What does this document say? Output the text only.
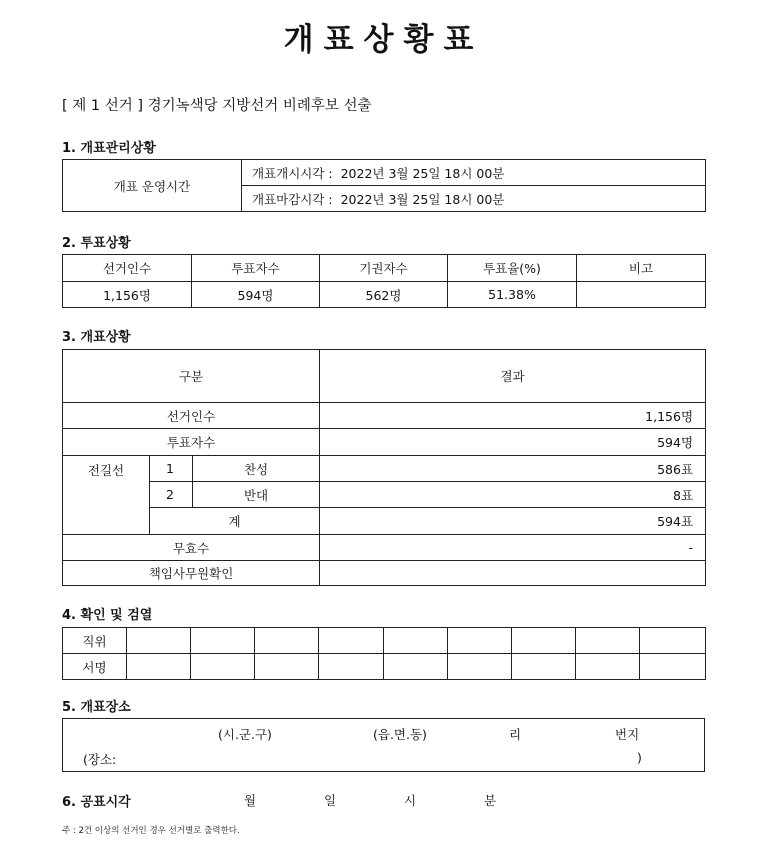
개표상황표
[ 제 1 선거 ] 경기녹색당 지방선거 비례후보 선출
1. 개표관리상황
개표 운영시간	개표개시시각 : 2022년 3월 25일 18시 00분
개표마감시각 : 2022년 3월 25일 18시 00분
2. 투표상황
선거인수	투표자수	기권자수	투표율(%)	비고
1,156명	594명	562명	51.38%	
3. 개표상황
구분			결과
선거인수			1,156명
투표자수			594명
전길선	1	찬성	586표
	2	반대	8표
	계		594표
무효수			-
책임사무원확인			
4. 확인 및 검열
직위									
서명									
5. 개표장소
(시.군.구)	(읍.면.동)	리	번지
(장소:	)
6. 공표시각	월	일	시	분
주 : 2건 이상의 선거인 경우 선거별로 출력한다.
